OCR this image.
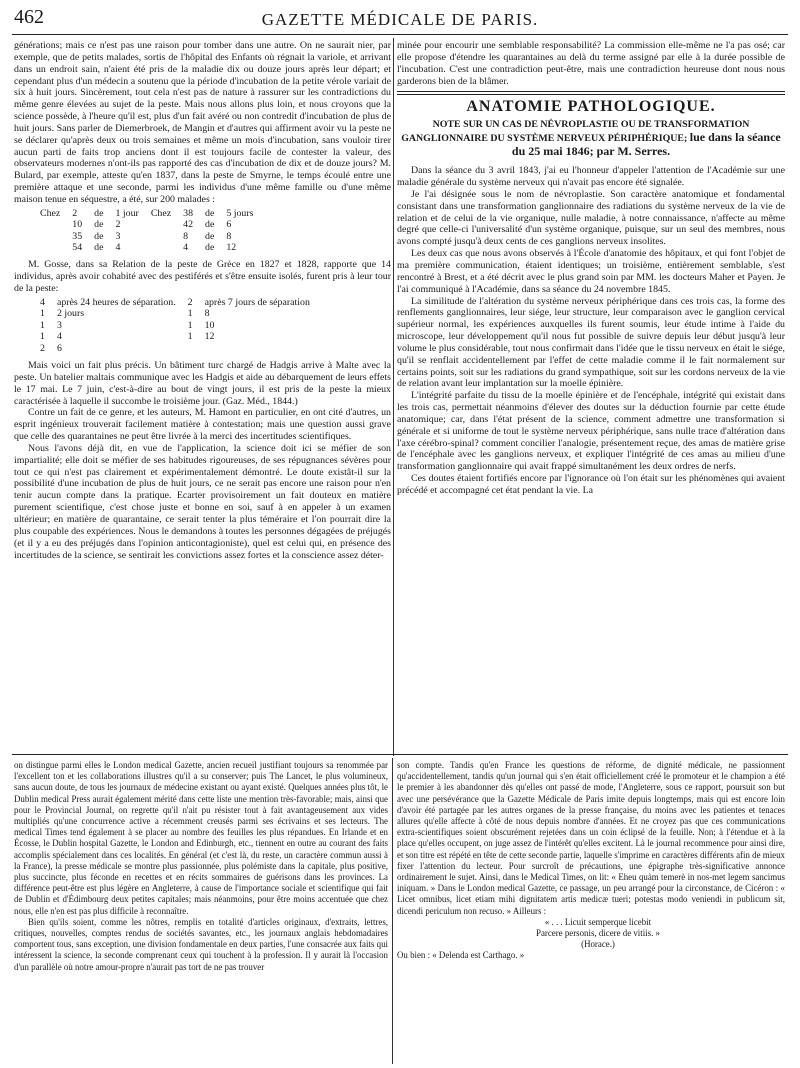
462	GAZETTE MÉDICALE DE PARIS.

générations; mais ce n'est pas une raison pour tomber dans une autre. On ne saurait nier, par exemple, que de petits malades, sortis de l'hôpital des Enfants où régnait la variole, et arrivant dans un endroit sain, n'aient été pris de la maladie dix ou douze jours après leur départ; et cependant plus d'un médecin a soutenu que la période d'incubation de la petite vérole variait de six à huit jours. Sincèrement, tout cela n'est pas de nature à rassurer sur les contradictions du même genre élevées au sujet de la peste. Mais nous allons plus loin, et nous croyons que la science possède, à l'heure qu'il est, plus d'un fait avéré ou non contredit d'incubation de plus de huit jours. Sans parler de Diemerbroek, de Mangin et d'autres qui affirment avoir vu la peste ne se déclarer qu'après deux ou trois semaines et même un mois d'incubation, sans vouloir tirer aucun parti de faits trop anciens dont il est toujours facile de contester la valeur, des observateurs modernes n'ont-ils pas rapporté des cas d'incubation de dix et de douze jours? M. Bulard, par exemple, atteste qu'en 1837, dans la peste de Smyrne, le temps écoulé entre une première attaque et une seconde, parmi les individus d'une même famille ou d'une même maison tenue en séquestre, a été, sur 200 malades :

Chez	2	de	1 jour	Chez	38	de	5 jours
	10	de	2		42	de	6
	35	de	3		8	de	8
	54	de	4		4	de	12

M. Gosse, dans sa Relation de la peste de Grèce en 1827 et 1828, rapporte que 14 individus, après avoir cohabité avec des pestiférés et s'être ensuite isolés, furent pris à leur tour de la peste:

4	après 24 heures de séparation.	2	après 7 jours de séparation
1	2 jours	1	8
1	3	1	10
1	4	1	12
2	6		

Mais voici un fait plus précis. Un bâtiment turc chargé de Hadgis arrive à Malte avec la peste. Un batelier maltais communique avec les Hadgis et aide au débarquement de leurs effets le 17 mai. Le 7 juin, c'est-à-dire au bout de vingt jours, il est pris de la peste la mieux caractérisée à laquelle il succombe le troisième jour. (Gaz. Méd., 1844.)

Contre un fait de ce genre, et les auteurs, M. Hamont en particulier, en ont cité d'autres, un esprit ingénieux trouverait facilement matière à contestation; mais une question aussi grave que celle des quarantaines ne peut être livrée à la merci des incertitudes scientifiques.

Nous l'avons déjà dit, en vue de l'application, la science doit ici se méfier de son impartialité; elle doit se méfier de ses habitudes rigoureuses, de ses répugnances sévères pour tout ce qui n'est pas clairement et expérimentalement démontré. Le doute existât-il sur la possibilité d'une incubation de plus de huit jours, ce ne serait pas encore une raison pour n'en tenir aucun compte dans la pratique. Ecarter provisoirement un fait douteux en matière purement scientifique, c'est chose juste et bonne en soi, sauf à en appeler à un examen ultérieur; en matière de quarantaine, ce serait tenter la plus téméraire et l'on pourrait dire la plus coupable des expériences. Nous le demandons à toutes les personnes dégagées de préjugés (et il y a eu des préjugés dans l'opinion anticontagioniste), quel est celui qui, en présence des incertitudes de la science, se sentirait les convictions assez fortes et la conscience assez déter-

minée pour encourir une semblable responsabilité? La commission elle-même ne l'a pas osé; car elle propose d'étendre les quarantaines au delà du terme assigné par elle à la durée possible de l'incubation. C'est une contradiction peut-être, mais une contradiction heureuse dont nous nous garderons bien de la blâmer.

ANATOMIE PATHOLOGIQUE.
NOTE SUR UN CAS DE NÉVROPLASTIE OU DE TRANSFORMATION GANGLIONNAIRE DU SYSTÈME NERVEUX PÉRIPHÉRIQUE; lue dans la séance du 25 mai 1846; par M. Serres.

Dans la séance du 3 avril 1843, j'ai eu l'honneur d'appeler l'attention de l'Académie sur une maladie générale du système nerveux qui n'avait pas encore été signalée.

Je l'ai désignée sous le nom de névroplastie. Son caractère anatomique et fondamental consistant dans une transformation ganglionnaire des radiations du système nerveux de la vie de relation et de celui de la vie organique, nulle maladie, à notre connaissance, n'affecte au même degré que celle-ci l'universalité d'un système organique, puisque, sur un seul des membres, nous avons compté jusqu'à deux cents de ces ganglions nerveux insolites.

Les deux cas que nous avons observés à l'École d'anatomie des hôpitaux, et qui font l'objet de ma première communication, étaient identiques; un troisième, entièrement semblable, s'est rencontré à Brest, et a été décrit avec le plus grand soin par MM. les docteurs Maher et Payen. Je l'ai communiqué à l'Académie, dans sa séance du 24 novembre 1845.

La similitude de l'altération du système nerveux périphérique dans ces trois cas, la forme des renflements ganglionnaires, leur siége, leur structure, leur comparaison avec le ganglion cervical supérieur normal, les expériences auxquelles ils furent soumis, leur étude intime à l'aide du microscope, leur développement qu'il nous fut possible de suivre depuis leur début jusqu'à leur volume le plus considérable, tout nous confirmait dans l'idée que le tissu nerveux en était le siége, qu'il se renflait accidentellement par l'effet de cette maladie comme il le fait normalement sur certains points, soit sur les radiations du grand sympathique, soit sur les cordons nerveux de la vie de relation avant leur implantation sur la moelle épinière.

L'intégrité parfaite du tissu de la moelle épinière et de l'encéphale, intégrité qui existait dans les trois cas, permettait néanmoins d'élever des doutes sur la déduction fournie par cette étude anatomique; car, dans l'état présent de la science, comment admettre une transformation si générale et si uniforme de tout le système nerveux périphérique, sans nulle trace d'altération dans l'axe cérébro-spinal? comment concilier l'analogie, présentement reçue, des amas de matière grise de l'encéphale avec les ganglions nerveux, et expliquer l'intégrité de ces amas au milieu d'une transformation ganglionnaire qui avait frappé simultanément les deux ordres de nerfs.

Ces doutes étaient fortifiés encore par l'ignorance où l'on était sur les phénomènes qui avaient précédé et accompagné cet état pendant la vie. La

on distingue parmi elles le London medical Gazette, ancien recueil justifiant toujours sa renommée par l'excellent ton et les collaborations illustres qu'il a su conserver; puis The Lancet, le plus volumineux, sans aucun doute, de tous les journaux de médecine existant ou ayant existé. Quelques années plus tôt, le Dublin medical Press aurait également mérité dans cette liste une mention très-favorable; mais, ainsi que pour le Provincial Journal, on regrette qu'il n'ait pu résister tout à fait avantageusement aux vides multipliés qu'une concurrence active a récemment creusés parmi ses écrivains et ses lecteurs. The medical Times tend également à se placer au nombre des feuilles les plus répandues. En Irlande et en Écosse, le Dublin hospital Gazette, le London and Edinburgh, etc., tiennent en outre au courant des faits accomplis spécialement dans ces localités. En général (et c'est là, du reste, un caractère commun aussi à la France), la presse médicale se montre plus passionnée, plus polémiste dans la capitale, plus positive, plus succincte, plus féconde en recettes et en récits sommaires de guérisons dans les provinces. La différence peut-être est plus légère en Angleterre, à cause de l'importance sociale et scientifique qui fait de Dublin et d'Édimbourg deux petites capitales; mais néanmoins, pour être moins accentuée que chez nous, elle n'en est pas plus difficile à reconnaître.

Bien qu'ils soient, comme les nôtres, remplis en totalité d'articles originaux, d'extraits, lettres, critiques, nouvelles, comptes rendus de sociétés savantes, etc., les journaux anglais hebdomadaires comportent tous, sans exception, une division fondamentale en deux parties, l'une consacrée aux faits qui intéressent la science, la seconde comprenant ceux qui touchent à la profession. Il y aurait là l'occasion d'un parallèle où notre amour-propre n'aurait pas tort de ne pas trouver

son compte. Tandis qu'en France les questions de réforme, de dignité médicale, ne passionnent qu'accidentellement, tandis qu'un journal qui s'en était officiellement créé le promoteur et le champion a été le premier à les abandonner dès qu'elles ont passé de mode, l'Angleterre, sous ce rapport, poursuit son but avec une persévérance que la Gazette Médicale de Paris imite depuis longtemps, mais qui est encore loin d'avoir été partagée par les autres organes de la presse française, du moins avec les patientes et tenaces allures qu'elle affecte à côté de nous depuis nombre d'années. Et ne croyez pas que ces communications extra-scientifiques soient obscurément rejetées dans un coin éclipsé de la feuille. Non; à l'étendue et à la place qu'elles occupent, on juge assez de l'intérêt qu'elles excitent. Là le journal recommence pour ainsi dire, et son titre est répété en tête de cette seconde partie, laquelle s'imprime en caractères différents afin de mieux fixer l'attention du lecteur. Pour surcroît de précautions, une épigraphe très-significative annonce ordinairement le sujet. Ainsi, dans le Medical Times, on lit: « Eheu quàm temerè in nos-met legem sancimus iniquam. » Dans le London medical Gazette, ce passage, un peu arrangé pour la circonstance, de Cicéron : « Licet omnibus, licet etiam mihi dignitatem artis medicæ tueri; potestas modo veniendi in publicum sit, dicendi periculum non recuso. » Ailleurs :

« . . . Licuit semperque licebit

Parcere personis, dicere de vitiis. »

(Horace.)

Ou bien : « Delenda est Carthago. »
